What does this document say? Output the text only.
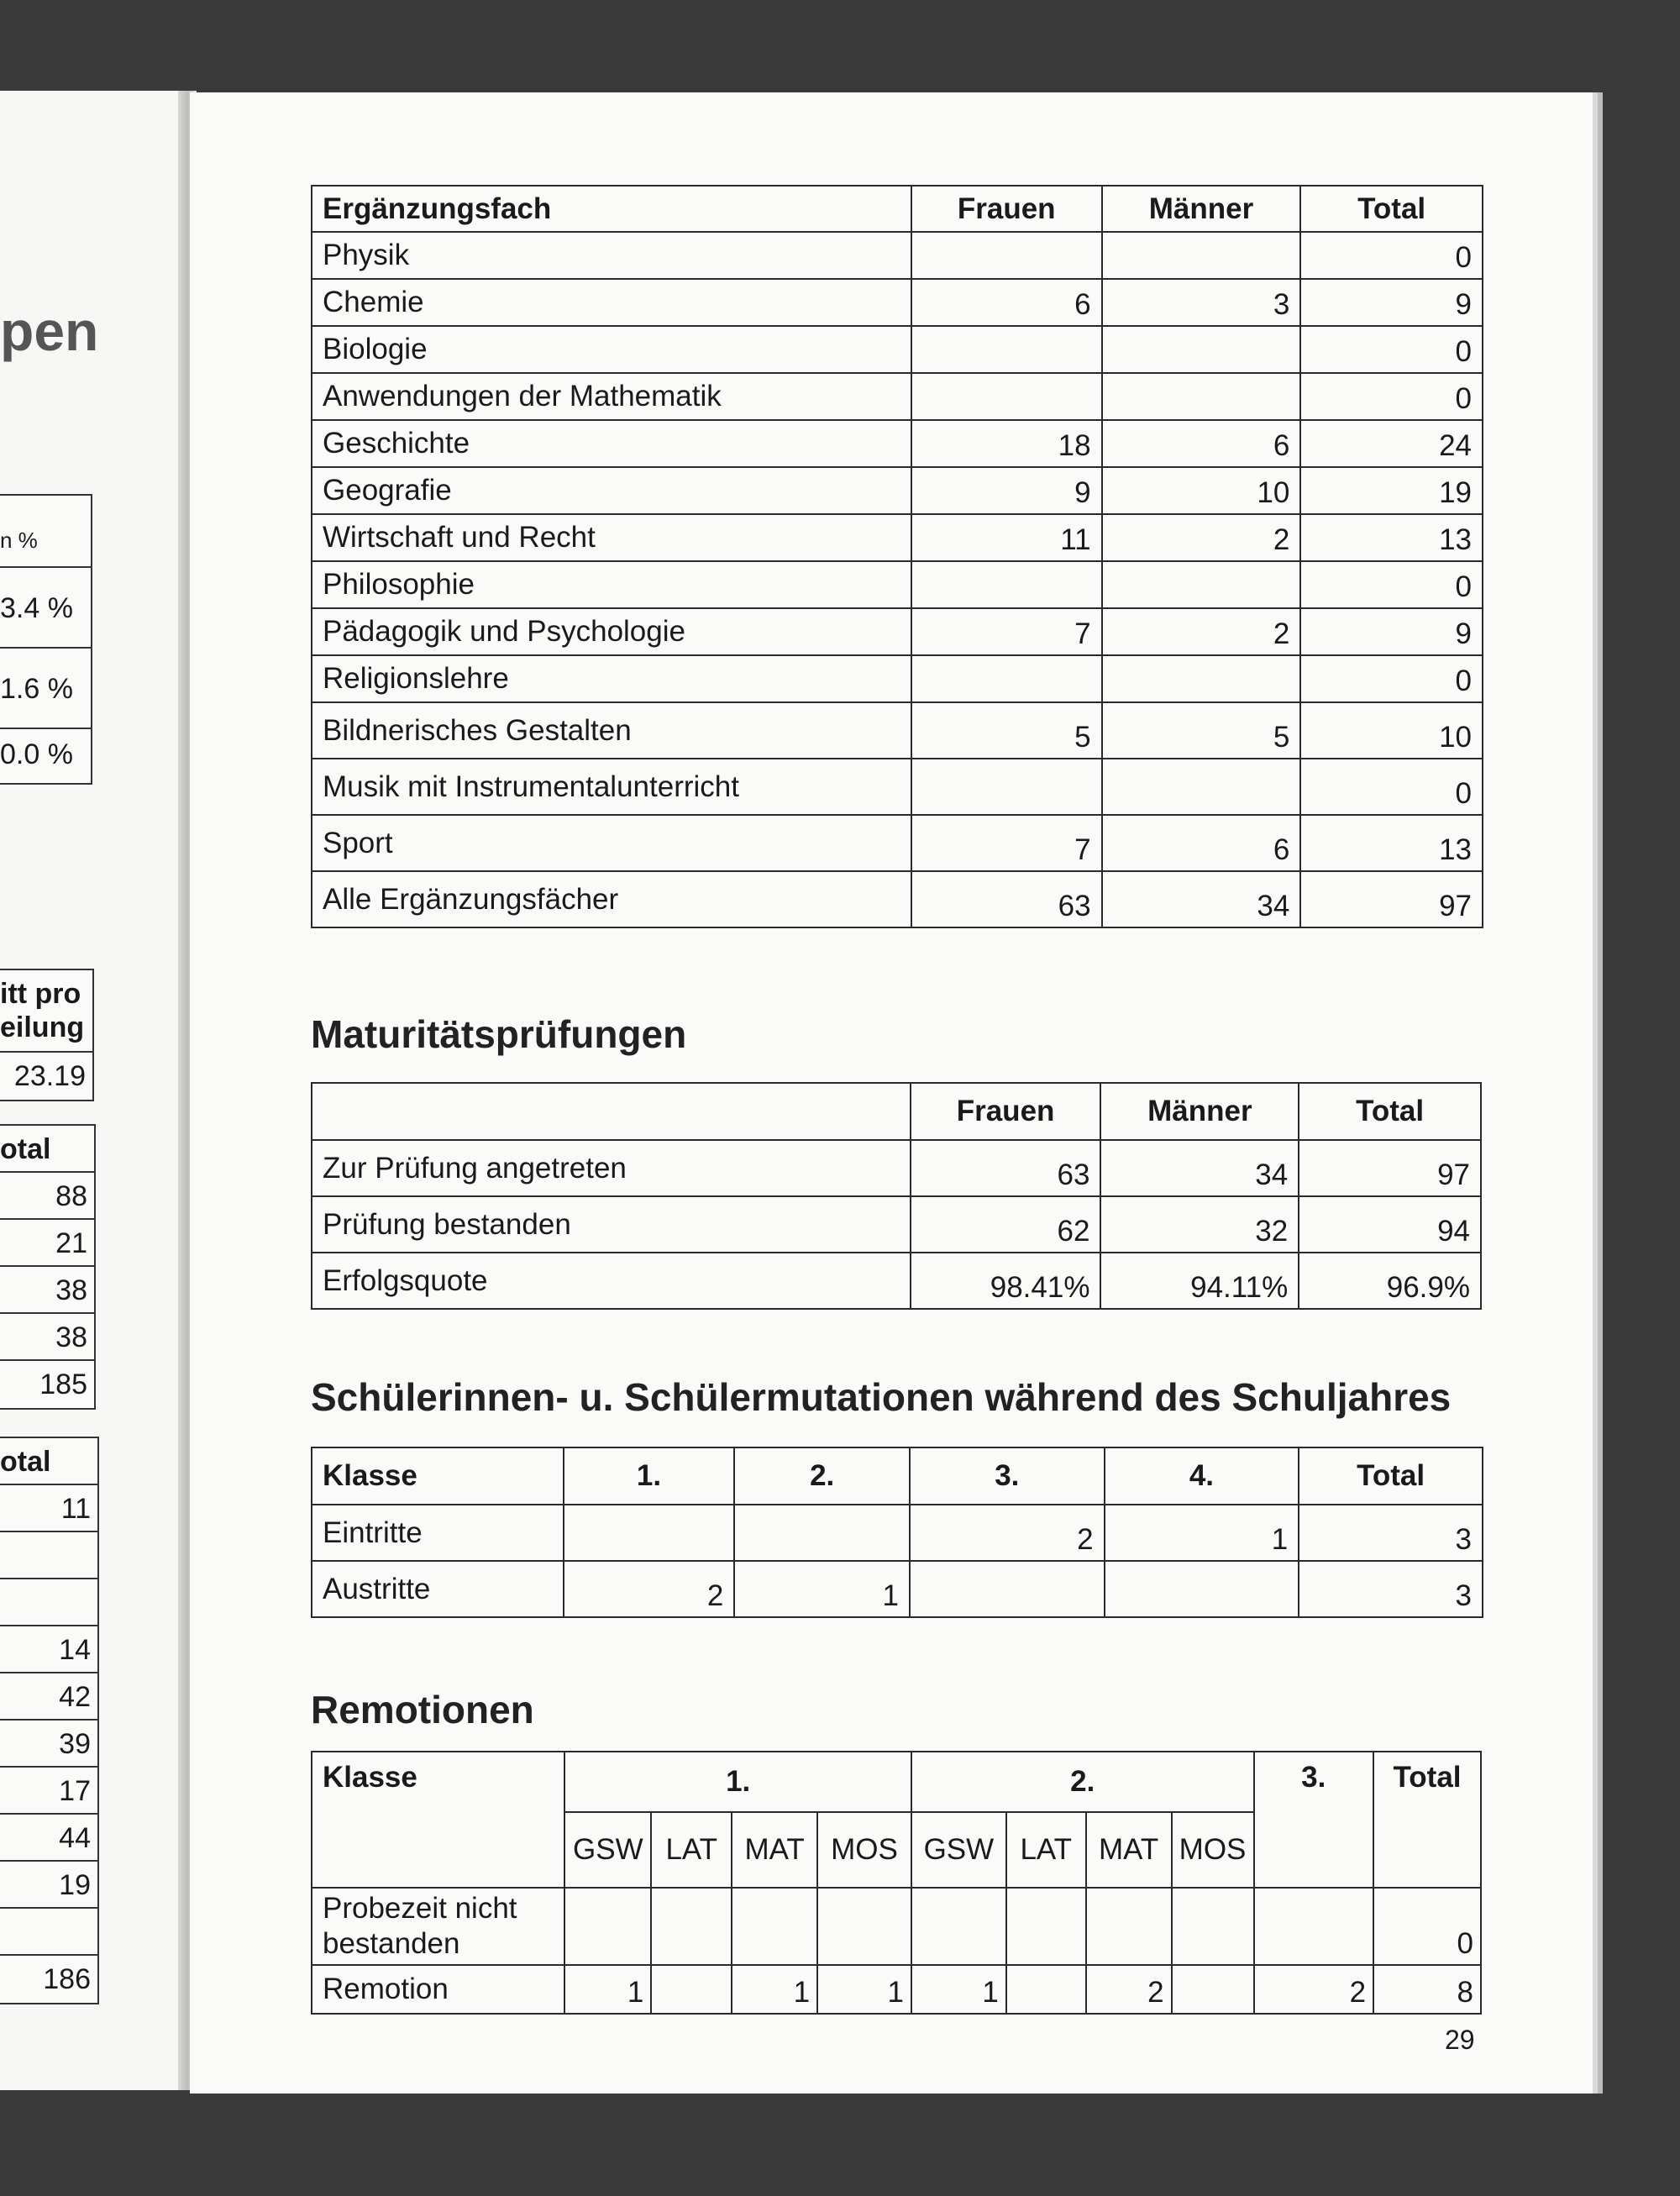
pen
n %
3.4 %
1.6 %
0.0 %
itt pro
eilung
23.19
otal
88
21
38
38
185
otal
11
14
42
39
17
44
19
186
Ergänzungsfach	Frauen	Männer	Total
Physik			0
Chemie	6	3	9
Biologie			0
Anwendungen der Mathematik			0
Geschichte	18	6	24
Geografie	9	10	19
Wirtschaft und Recht	11	2	13
Philosophie			0
Pädagogik und Psychologie	7	2	9
Religionslehre			0
Bildnerisches Gestalten	5	5	10
Musik mit Instrumentalunterricht			0
Sport	7	6	13
Alle Ergänzungsfächer	63	34	97
Maturitätsprüfungen
	Frauen	Männer	Total
Zur Prüfung angetreten	63	34	97
Prüfung bestanden	62	32	94
Erfolgsquote	98.41%	94.11%	96.9%
Schülerinnen- u. Schülermutationen während des Schuljahres
Klasse	1.	2.	3.	4.	Total
Eintritte			2	1	3
Austritte	2	1			3
Remotionen
Klasse	1.				2.				3.	Total
	GSW	LAT	MAT	MOS	GSW	LAT	MAT	MOS		
Probezeit nicht bestanden										0
Remotion	1		1	1	1		2		2	8
29
